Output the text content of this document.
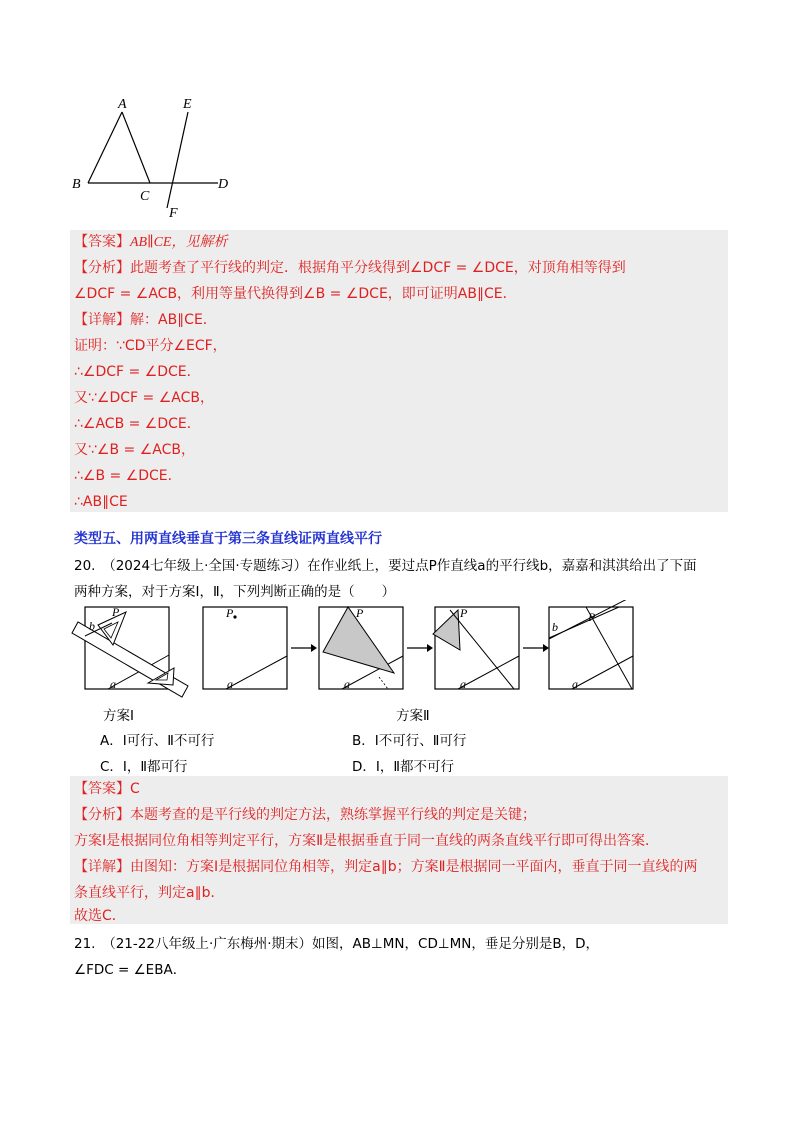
A	E
B
C
D
F
【答案】AB∥CE，见解析
【分析】此题考查了平行线的判定．根据角平分线得到∠DCF = ∠DCE，对顶角相等得到
∠DCF = ∠ACB，利用等量代换得到∠B = ∠DCE，即可证明AB∥CE．
【详解】解：AB∥CE．
证明：∵CD平分∠ECF，
∴∠DCF = ∠DCE．
又∵∠DCF = ∠ACB，
∴∠ACB = ∠DCE．
又∵∠B = ∠ACB，
∴∠B = ∠DCE．
∴AB∥CE
类型五、用两直线垂直于第三条直线证两直线平行
20.　（2024七年级上·全国·专题练习）在作业纸上，要过点P作直线a的平行线b，嘉嘉和淇淇给出了下面
两种方案，对于方案Ⅰ，Ⅱ，下列判断正确的是（　　）
P
b
a
P
a
P
a
P
a
P
b
a
方案Ⅰ	方案Ⅱ
A．Ⅰ可行、Ⅱ不可行	B．Ⅰ不可行、Ⅱ可行
C．Ⅰ，Ⅱ都可行	D．Ⅰ，Ⅱ都不可行
【答案】C
【分析】本题考查的是平行线的判定方法，熟练掌握平行线的判定是关键；
方案Ⅰ是根据同位角相等判定平行，方案Ⅱ是根据垂直于同一直线的两条直线平行即可得出答案．
【详解】由图知：方案Ⅰ是根据同位角相等，判定a∥b；方案Ⅱ是根据同一平面内，垂直于同一直线的两
条直线平行，判定a∥b．
故选C．
21.　（21-22八年级上·广东梅州·期末）如图，AB⊥MN，CD⊥MN，垂足分别是B，D，
∠FDC = ∠EBA．
